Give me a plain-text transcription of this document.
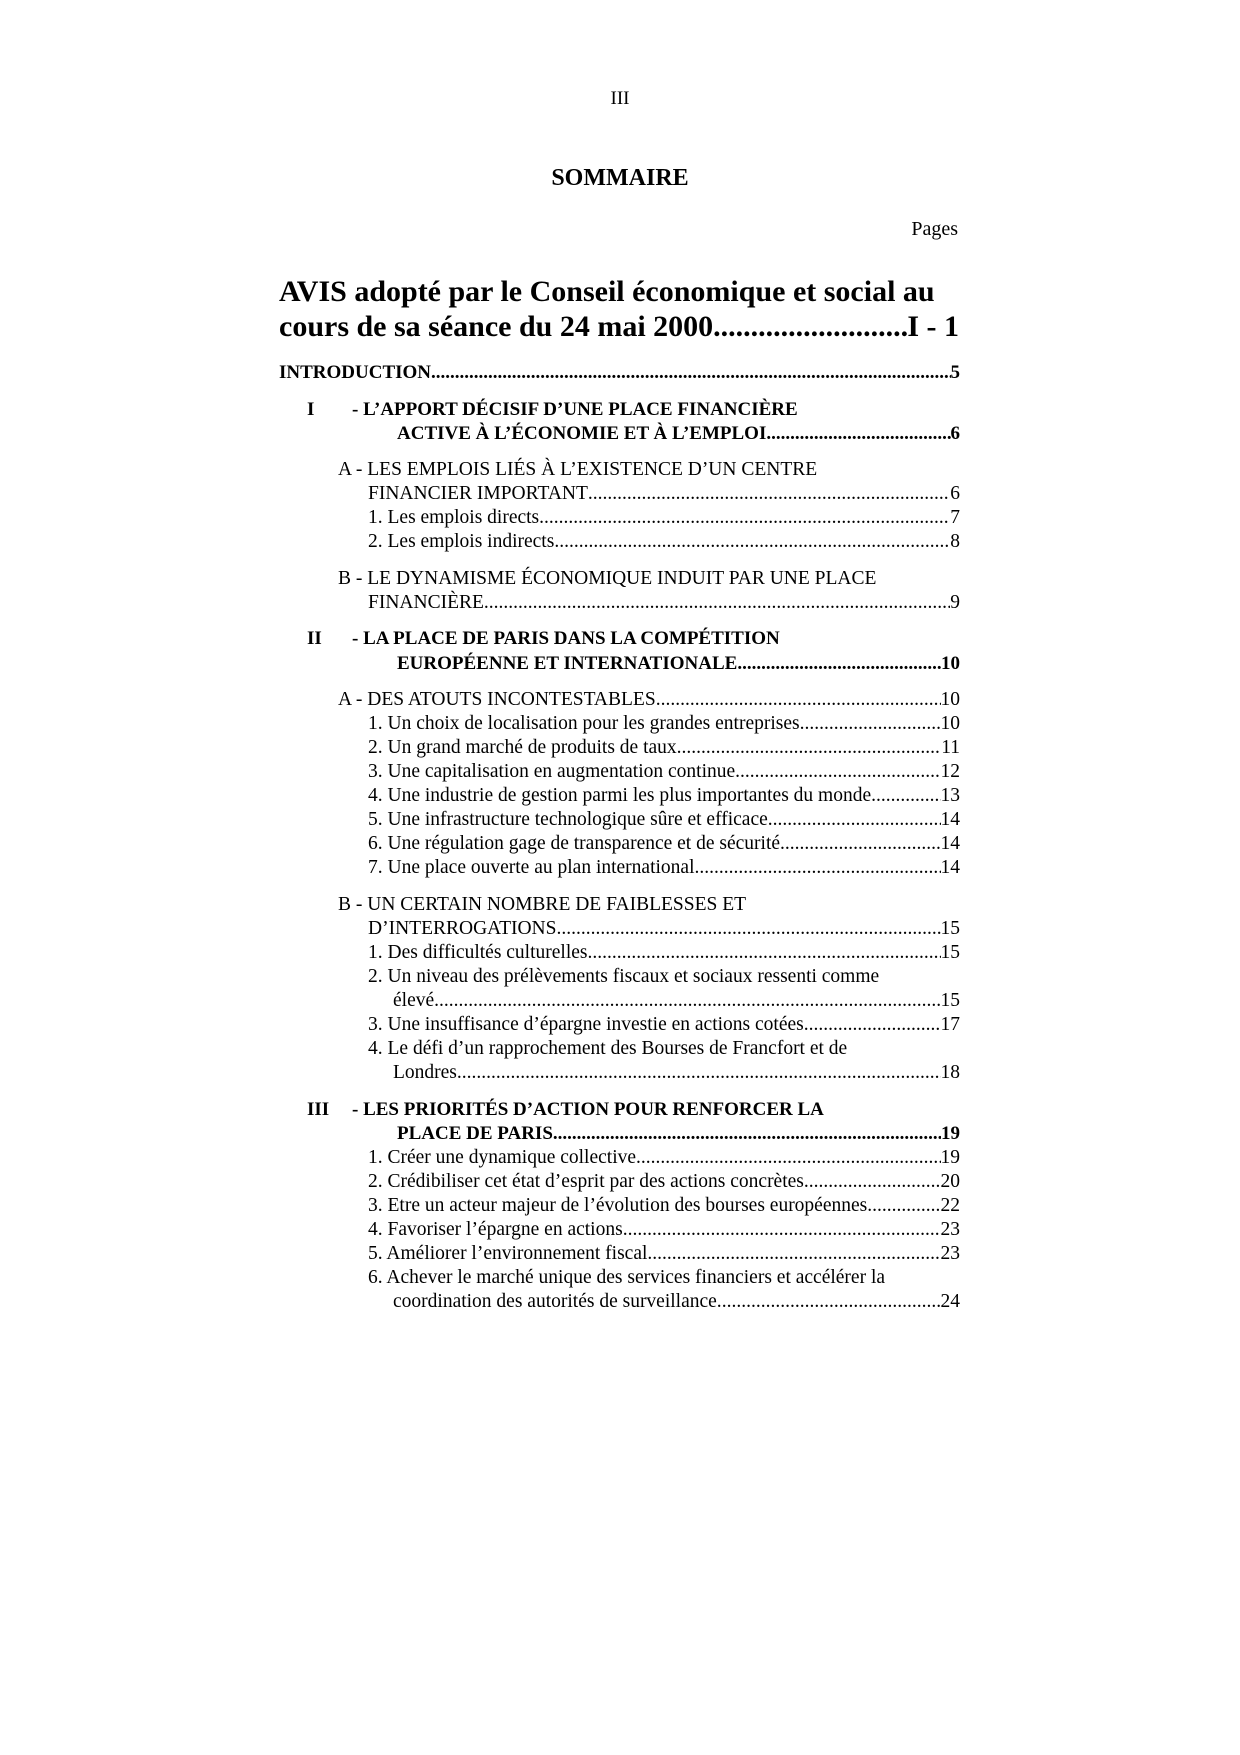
III
SOMMAIRE
Pages
AVIS adopté par le Conseil économique et social au
cours de sa séance du 24 mai 2000 .....	I - 1
INTRODUCTION .....	5
I - L’APPORT DÉCISIF D’UNE PLACE FINANCIÈRE
ACTIVE À L’ÉCONOMIE ET À L’EMPLOI .....	6
A - LES EMPLOIS LIÉS À L’EXISTENCE D’UN CENTRE
FINANCIER IMPORTANT .....	6
1. Les emplois directs .....	7
2. Les emplois indirects .....	8
B - LE DYNAMISME ÉCONOMIQUE INDUIT PAR UNE PLACE
FINANCIÈRE .....	9
II - LA PLACE DE PARIS DANS LA COMPÉTITION
EUROPÉENNE ET INTERNATIONALE .....	10
A - DES ATOUTS INCONTESTABLES .....	10
1. Un choix de localisation pour les grandes entreprises .....	10
2. Un grand marché de produits de taux .....	11
3. Une capitalisation en augmentation continue. .....	12
4. Une industrie de gestion parmi les plus importantes du monde .....	13
5. Une infrastructure technologique sûre et efficace .....	14
6. Une régulation gage de transparence et de sécurité .....	14
7. Une place ouverte au plan international .....	14
B - UN CERTAIN NOMBRE DE FAIBLESSES ET
D’INTERROGATIONS .....	15
1. Des difficultés culturelles .....	15
2. Un niveau des prélèvements fiscaux et sociaux ressenti comme
élevé .....	15
3. Une insuffisance d’épargne investie en actions cotées .....	17
4. Le défi d’un rapprochement des Bourses de Francfort et de
Londres .....	18
III - LES PRIORITÉS D’ACTION POUR RENFORCER LA
PLACE DE PARIS .....	19
1. Créer une dynamique collective .....	19
2. Crédibiliser cet état d’esprit par des actions concrètes .....	20
3. Etre un acteur majeur de l’évolution des bourses européennes .....	22
4. Favoriser l’épargne en actions .....	23
5. Améliorer l’environnement fiscal .....	23
6. Achever le marché unique des services financiers et accélérer la
coordination des autorités de surveillance. .....	24
